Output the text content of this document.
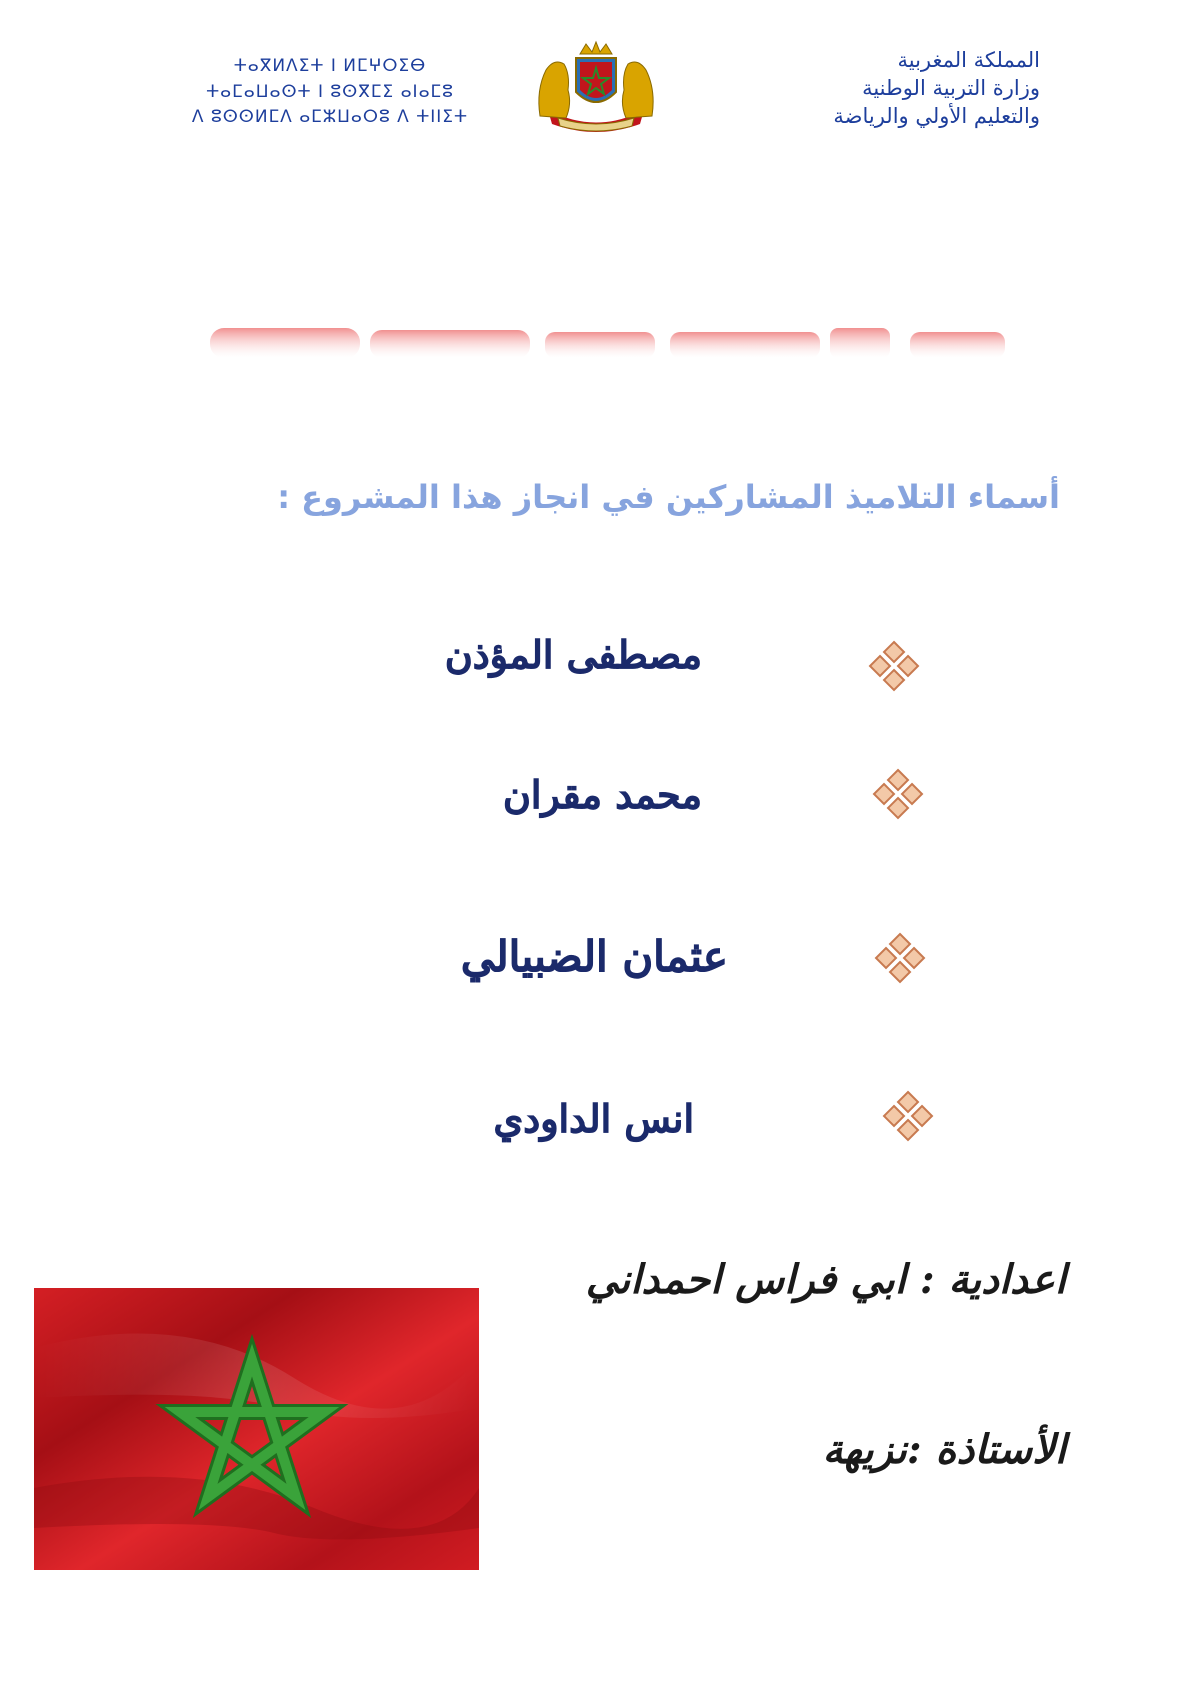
ⵜⴰⴳⵍⴷⵉⵜ ⵏ ⵍⵎⵖⵔⵉⴱ
ⵜⴰⵎⴰⵡⴰⵙⵜ ⵏ ⵓⵙⴳⵎⵉ ⴰⵏⴰⵎⵓ
ⴷ ⵓⵙⵙⵍⵎⴷ ⴰⵎⵣⵡⴰⵔⵓ ⴷ ⵜⵏⵏⵉⵜ
المملكة المغربية
وزارة التربية الوطنية
والتعليم الأولي والرياضة
أسماء التلاميذ المشاركين في انجاز هذا المشروع :
مصطفى المؤذن
محمد مقران
عثمان الضبيالي
انس الداودي
اعدادية : ابي فراس احمداني
الأستاذة :نزيهة
